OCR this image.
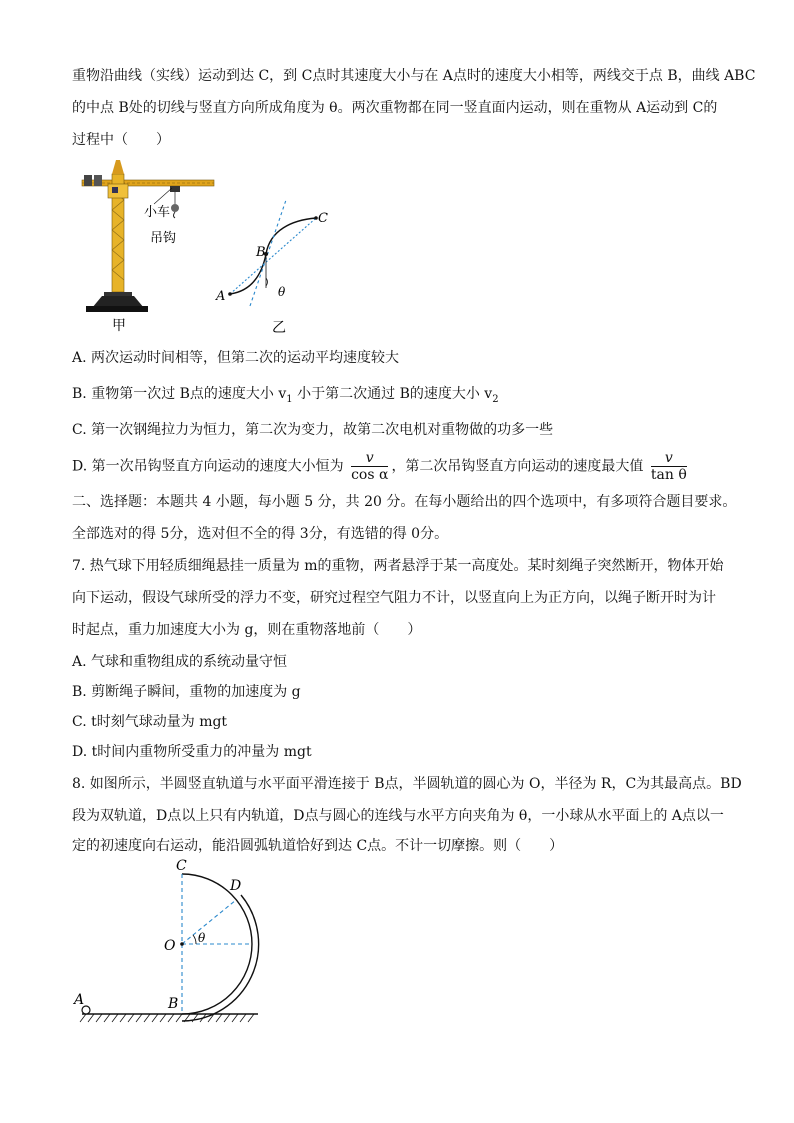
重物沿曲线（实线）运动到达 C，到 C点时其速度大小与在 A点时的速度大小相等，两线交于点 B，曲线 ABC
的中点 B处的切线与竖直方向所成角度为 θ。两次重物都在同一竖直面内运动，则在重物从 A运动到 C的
过程中（　　）
小车
吊钩
甲
A
B
C
θ
乙
A. 两次运动时间相等，但第二次的运动平均速度较大
B. 重物第一次过 B点的速度大小 $v_1$ 小于第二次通过 B的速度大小 $v_2$
C. 第一次钢绳拉力为恒力，第二次为变力，故第二次电机对重物做的功多一些
D. 第一次吊钩竖直方向运动的速度大小恒为 $\frac{v}{\text{cos α}}$ ，第二次吊钩竖直方向运动的速度最大值 $\frac{v}{\text{tan θ}}$
二、选择题：本题共 4 小题，每小题 5 分，共 20 分。在每小题给出的四个选项中，有多项符合题目要求。
全部选对的得 5分，选对但不全的得 3分，有选错的得 0分。
7. 热气球下用轻质细绳悬挂一质量为 m的重物，两者悬浮于某一高度处。某时刻绳子突然断开，物体开始
向下运动，假设气球所受的浮力不变，研究过程空气阻力不计，以竖直向上为正方向，以绳子断开时为计
时起点，重力加速度大小为 g，则在重物落地前（　　）
A. 气球和重物组成的系统动量守恒
B. 剪断绳子瞬间，重物的加速度为 g
C. t时刻气球动量为 mgt
D. t时间内重物所受重力的冲量为 mgt
8. 如图所示，半圆竖直轨道与水平面平滑连接于 B点，半圆轨道的圆心为 O，半径为 R，C为其最高点。BD
段为双轨道，D点以上只有内轨道，D点与圆心的连线与水平方向夹角为 θ，一小球从水平面上的 A点以一
定的初速度向右运动，能沿圆弧轨道恰好到达 C点。不计一切摩擦。则（　　）
C
D
O θ
B
A
